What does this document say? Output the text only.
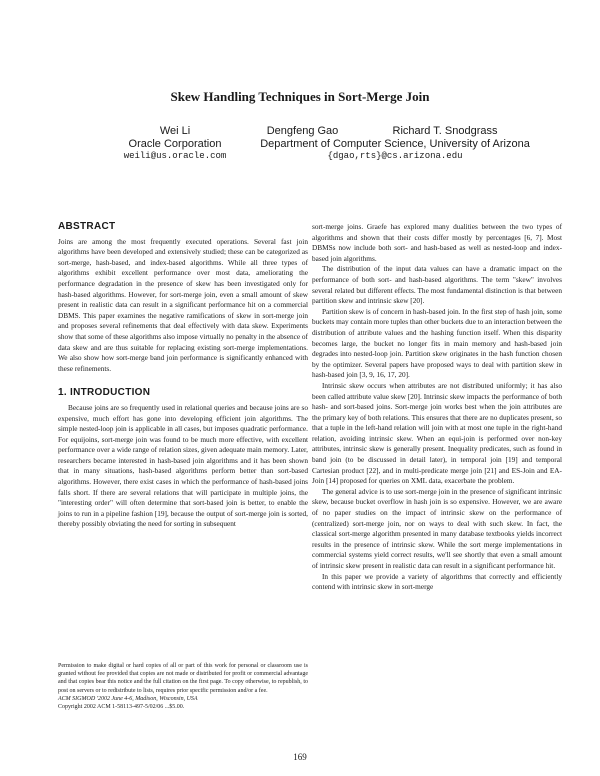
Skew Handling Techniques in Sort-Merge Join
Wei Li
Oracle Corporation
weili@us.oracle.com
Dengfeng Gao	Richard T. Snodgrass
Department of Computer Science, University of Arizona
{dgao,rts}@cs.arizona.edu
ABSTRACT

Joins are among the most frequently executed operations. Several fast join algorithms have been developed and extensively studied; these can be categorized as sort-merge, hash-based, and index-based algorithms. While all three types of algorithms exhibit excellent performance over most data, ameliorating the performance degradation in the presence of skew has been investigated only for hash-based algorithms. However, for sort-merge join, even a small amount of skew present in realistic data can result in a significant performance hit on a commercial DBMS. This paper examines the negative ramifications of skew in sort-merge join and proposes several refinements that deal effectively with data skew. Experiments show that some of these algorithms also impose virtually no penalty in the absence of data skew and are thus suitable for replacing existing sort-merge implementations. We also show how sort-merge band join performance is significantly enhanced with these refinements.

1. INTRODUCTION

Because joins are so frequently used in relational queries and because joins are so expensive, much effort has gone into developing efficient join algorithms. The simple nested-loop join is applicable in all cases, but imposes quadratic performance. For equijoins, sort-merge join was found to be much more effective, with excellent performance over a wide range of relation sizes, given adequate main memory. Later, researchers became interested in hash-based join algorithms and it has been shown that in many situations, hash-based algorithms perform better than sort-based algorithms. However, there exist cases in which the performance of hash-based joins falls short. If there are several relations that will participate in multiple joins, the "interesting order" will often determine that sort-based join is better, to enable the joins to run in a pipeline fashion [19], because the output of sort-merge join is sorted, thereby possibly obviating the need for sorting in subsequent

sort-merge joins. Graefe has explored many dualities between the two types of algorithms and shown that their costs differ mostly by percentages [6, 7]. Most DBMSs now include both sort- and hash-based as well as nested-loop and index-based join algorithms.

The distribution of the input data values can have a dramatic impact on the performance of both sort- and hash-based algorithms. The term "skew" involves several related but different effects. The most fundamental distinction is that between partition skew and intrinsic skew [20].

Partition skew is of concern in hash-based join. In the first step of hash join, some buckets may contain more tuples than other buckets due to an interaction between the distribution of attribute values and the hashing function itself. When this disparity becomes large, the bucket no longer fits in main memory and hash-based join degrades into nested-loop join. Partition skew originates in the hash function chosen by the optimizer. Several papers have proposed ways to deal with partition skew in hash-based join [3, 9, 16, 17, 20].

Intrinsic skew occurs when attributes are not distributed uniformly; it has also been called attribute value skew [20]. Intrinsic skew impacts the performance of both hash- and sort-based joins. Sort-merge join works best when the join attributes are the primary key of both relations. This ensures that there are no duplicates present, so that a tuple in the left-hand relation will join with at most one tuple in the right-hand relation, avoiding intrinsic skew. When an equi-join is performed over non-key attributes, intrinsic skew is generally present. Inequality predicates, such as found in band join (to be discussed in detail later), in temporal join [19] and temporal Cartesian product [22], and in multi-predicate merge join [21] and ES-Join and EA-Join [14] proposed for queries on XML data, exacerbate the problem.

The general advice is to use sort-merge join in the presence of significant intrinsic skew, because bucket overflow in hash join is so expensive. However, we are aware of no paper studies on the impact of intrinsic skew on the performance of (centralized) sort-merge join, nor on ways to deal with such skew. In fact, the classical sort-merge algorithm presented in many database textbooks yields incorrect results in the presence of intrinsic skew. While the sort merge implementations in commercial systems yield correct results, we'll see shortly that even a small amount of intrinsic skew present in realistic data can result in a significant performance hit.

In this paper we provide a variety of algorithms that correctly and efficiently contend with intrinsic skew in sort-merge

Permission to make digital or hard copies of all or part of this work for personal or classroom use is granted without fee provided that copies are not made or distributed for profit or commercial advantage and that copies bear this notice and the full citation on the first page. To copy otherwise, to republish, to post on servers or to redistribute to lists, requires prior specific permission and/or a fee.

ACM SIGMOD '2002 June 4-6, Madison, Wisconsin, USA

Copyright 2002 ACM 1-58113-497-5/02/06 ...$5.00.

169
